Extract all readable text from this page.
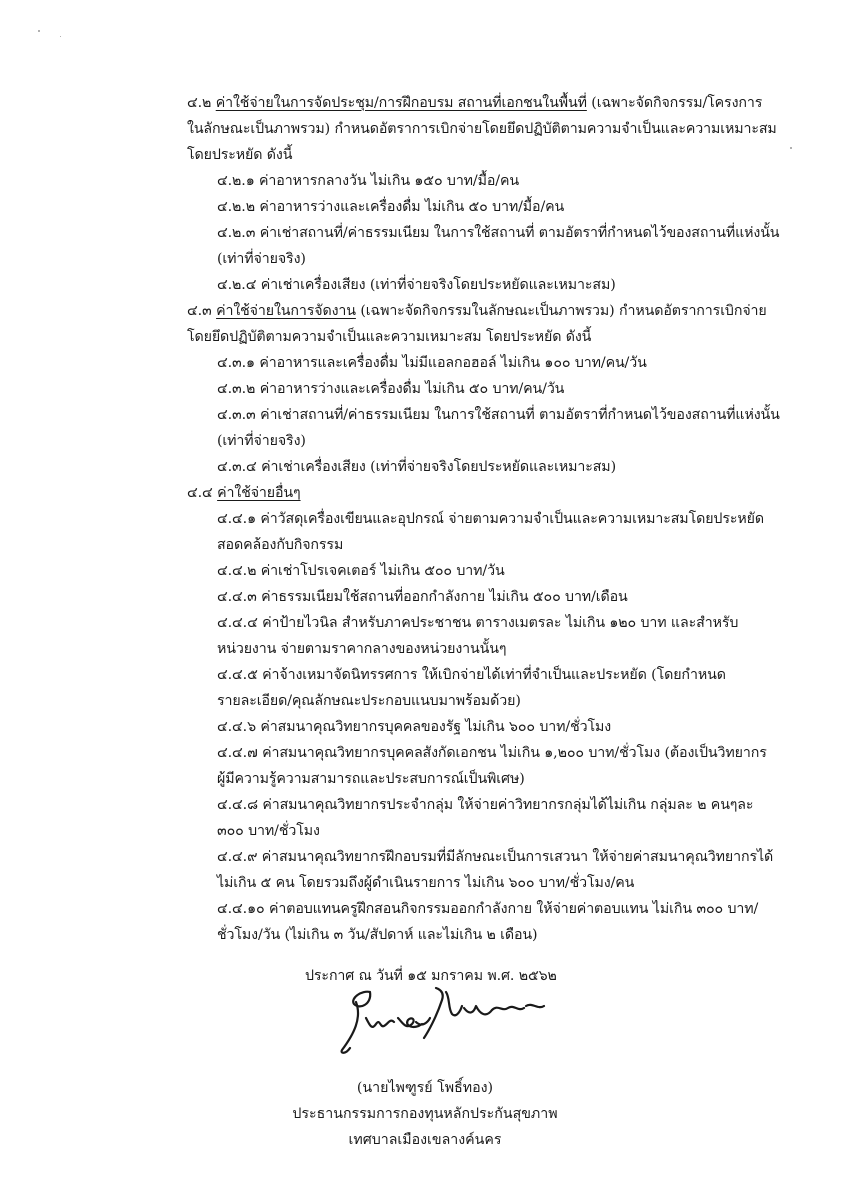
๔.๒ ค่าใช้จ่ายในการจัดประชุม/การฝึกอบรม สถานที่เอกชนในพื้นที่ (เฉพาะจัดกิจกรรม/โครงการ
ในลักษณะเป็นภาพรวม) กำหนดอัตราการเบิกจ่ายโดยยึดปฏิบัติตามความจำเป็นและความเหมาะสม
โดยประหยัด ดังนี้
๔.๒.๑ ค่าอาหารกลางวัน ไม่เกิน ๑๕๐ บาท/มื้อ/คน
๔.๒.๒ ค่าอาหารว่างและเครื่องดื่ม ไม่เกิน ๕๐ บาท/มื้อ/คน
๔.๒.๓ ค่าเช่าสถานที่/ค่าธรรมเนียม ในการใช้สถานที่ ตามอัตราที่กำหนดไว้ของสถานที่แห่งนั้น
(เท่าที่จ่ายจริง)
๔.๒.๔ ค่าเช่าเครื่องเสียง (เท่าที่จ่ายจริงโดยประหยัดและเหมาะสม)
๔.๓ ค่าใช้จ่ายในการจัดงาน (เฉพาะจัดกิจกรรมในลักษณะเป็นภาพรวม) กำหนดอัตราการเบิกจ่าย
โดยยึดปฏิบัติตามความจำเป็นและความเหมาะสม โดยประหยัด ดังนี้
๔.๓.๑ ค่าอาหารและเครื่องดื่ม ไม่มีแอลกอฮอล์ ไม่เกิน ๑๐๐ บาท/คน/วัน
๔.๓.๒ ค่าอาหารว่างและเครื่องดื่ม ไม่เกิน ๕๐ บาท/คน/วัน
๔.๓.๓ ค่าเช่าสถานที่/ค่าธรรมเนียม ในการใช้สถานที่ ตามอัตราที่กำหนดไว้ของสถานที่แห่งนั้น
(เท่าที่จ่ายจริง)
๔.๓.๔ ค่าเช่าเครื่องเสียง (เท่าที่จ่ายจริงโดยประหยัดและเหมาะสม)
๔.๔ ค่าใช้จ่ายอื่นๆ
๔.๔.๑ ค่าวัสดุเครื่องเขียนและอุปกรณ์ จ่ายตามความจำเป็นและความเหมาะสมโดยประหยัด
สอดคล้องกับกิจกรรม
๔.๔.๒ ค่าเช่าโปรเจคเตอร์ ไม่เกิน ๕๐๐ บาท/วัน
๔.๔.๓ ค่าธรรมเนียมใช้สถานที่ออกกำลังกาย ไม่เกิน ๕๐๐ บาท/เดือน
๔.๔.๔ ค่าป้ายไวนิล สำหรับภาคประชาชน ตารางเมตรละ ไม่เกิน ๑๒๐ บาท และสำหรับ
หน่วยงาน จ่ายตามราคากลางของหน่วยงานนั้นๆ
๔.๔.๕ ค่าจ้างเหมาจัดนิทรรศการ ให้เบิกจ่ายได้เท่าที่จำเป็นและประหยัด (โดยกำหนด
รายละเอียด/คุณลักษณะประกอบแนบมาพร้อมด้วย)
๔.๔.๖ ค่าสมนาคุณวิทยากรบุคคลของรัฐ ไม่เกิน ๖๐๐ บาท/ชั่วโมง
๔.๔.๗ ค่าสมนาคุณวิทยากรบุคคลสังกัดเอกชน ไม่เกิน ๑,๒๐๐ บาท/ชั่วโมง (ต้องเป็นวิทยากร
ผู้มีความรู้ความสามารถและประสบการณ์เป็นพิเศษ)
๔.๔.๘ ค่าสมนาคุณวิทยากรประจำกลุ่ม ให้จ่ายค่าวิทยากรกลุ่มได้ไม่เกิน กลุ่มละ ๒ คนๆละ
๓๐๐ บาท/ชั่วโมง
๔.๔.๙ ค่าสมนาคุณวิทยากรฝึกอบรมที่มีลักษณะเป็นการเสวนา ให้จ่ายค่าสมนาคุณวิทยากรได้
ไม่เกิน ๕ คน โดยรวมถึงผู้ดำเนินรายการ ไม่เกิน ๖๐๐ บาท/ชั่วโมง/คน
๔.๔.๑๐ ค่าตอบแทนครูฝึกสอนกิจกรรมออกกำลังกาย ให้จ่ายค่าตอบแทน ไม่เกิน ๓๐๐ บาท/
ชั่วโมง/วัน (ไม่เกิน ๓ วัน/สัปดาห์ และไม่เกิน ๒ เดือน)
ประกาศ ณ วันที่ ๑๕ มกราคม พ.ศ. ๒๕๖๒
(นายไพฑูรย์ โพธิ์ทอง)
ประธานกรรมการกองทุนหลักประกันสุขภาพ
เทศบาลเมืองเขลางค์นคร
